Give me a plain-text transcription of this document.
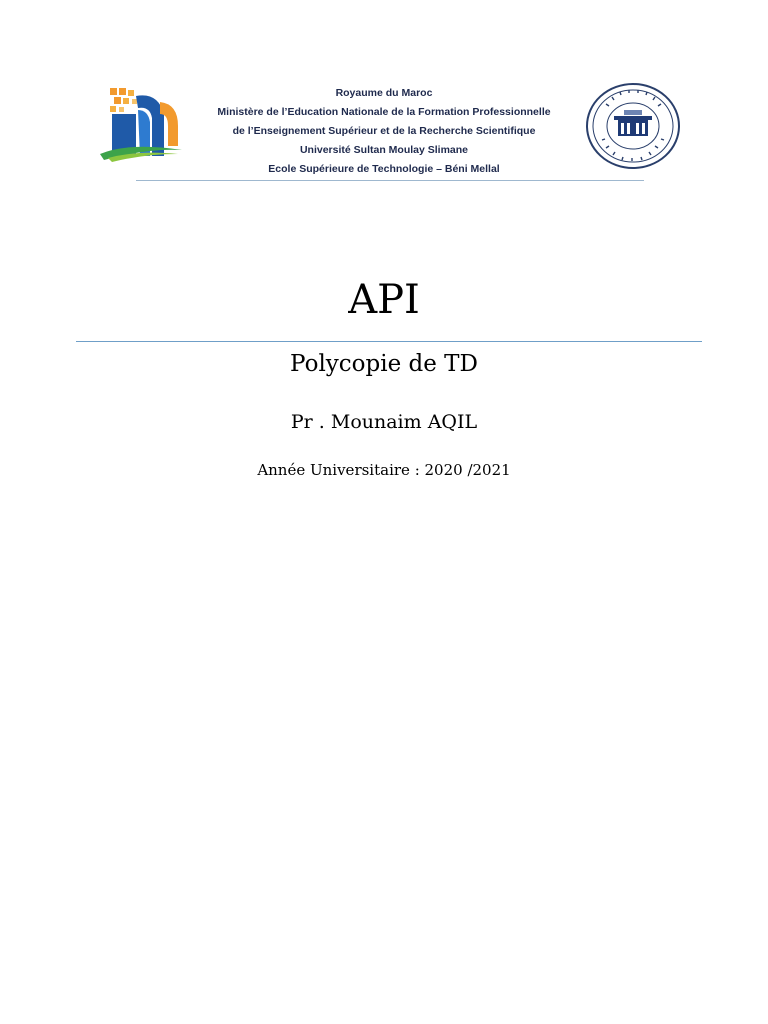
Royaume du Maroc
Ministère de l’Education Nationale de la Formation Professionnelle
de l’Enseignement Supérieur et de la Recherche Scientifique
Université Sultan Moulay Slimane
Ecole Supérieure de Technologie – Béni Mellal
API
Polycopie de TD
Pr . Mounaim AQIL
Année Universitaire : 2020 /2021
